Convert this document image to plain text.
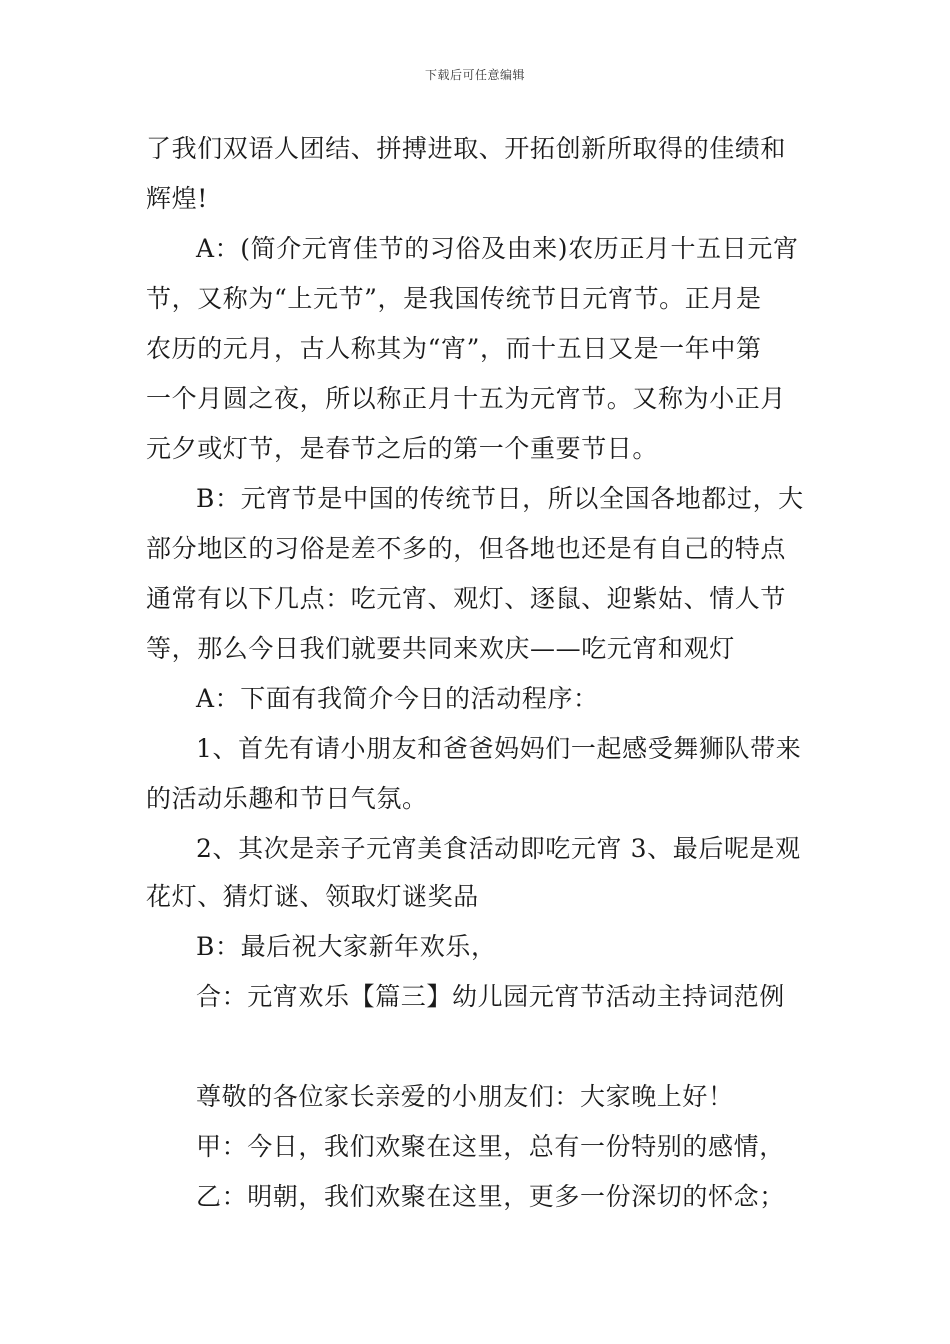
下载后可任意编辑
了我们双语人团结、拼搏进取、开拓创新所取得的佳绩和
辉煌!
A：(简介元宵佳节的习俗及由来)农历正月十五日元宵
节，又称为“上元节”，是我国传统节日元宵节。正月是
农历的元月，古人称其为“宵”，而十五日又是一年中第
一个月圆之夜，所以称正月十五为元宵节。又称为小正月
元夕或灯节，是春节之后的第一个重要节日。
B：元宵节是中国的传统节日，所以全国各地都过，大
部分地区的习俗是差不多的，但各地也还是有自己的特点
通常有以下几点：吃元宵、观灯、逐鼠、迎紫姑、情人节
等，那么今日我们就要共同来欢庆——吃元宵和观灯
A：下面有我简介今日的活动程序：
1、首先有请小朋友和爸爸妈妈们一起感受舞狮队带来
的活动乐趣和节日气氛。
2、其次是亲子元宵美食活动即吃元宵 3、最后呢是观
花灯、猜灯谜、领取灯谜奖品
B：最后祝大家新年欢乐，
合：元宵欢乐【篇三】幼儿园元宵节活动主持词范例
尊敬的各位家长亲爱的小朋友们：大家晚上好！
甲：今日，我们欢聚在这里，总有一份特别的感情，
乙：明朝，我们欢聚在这里，更多一份深切的怀念；
